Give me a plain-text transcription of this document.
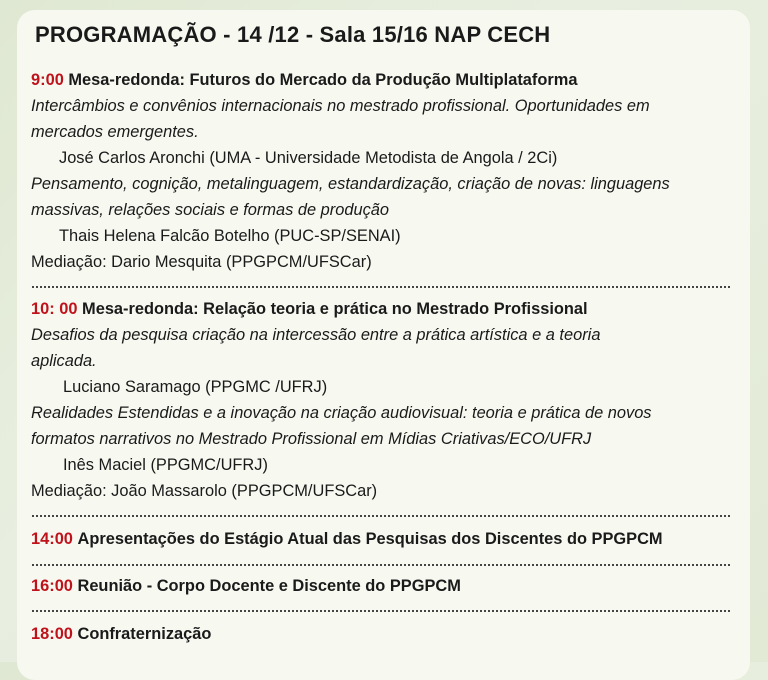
PROGRAMAÇÃO - 14 /12 - Sala 15/16 NAP CECH
9:00 Mesa-redonda: Futuros do Mercado da Produção Multiplataforma
Intercâmbios e convênios internacionais no mestrado profissional. Oportunidades em
mercados emergentes.
José Carlos Aronchi (UMA - Universidade Metodista de Angola / 2Ci)
Pensamento, cognição, metalinguagem, estandardização, criação de novas: linguagens
massivas, relações sociais e formas de produção
Thais Helena Falcão Botelho (PUC-SP/SENAI)
Mediação: Dario Mesquita (PPGPCM/UFSCar)
10: 00 Mesa-redonda: Relação teoria e prática no Mestrado Profissional
Desafios da pesquisa criação na intercessão entre a prática artística e a teoria
aplicada.
Luciano Saramago (PPGMC /UFRJ)
Realidades Estendidas e a inovação na criação audiovisual: teoria e prática de novos
formatos narrativos no Mestrado Profissional em Mídias Criativas/ECO/UFRJ
Inês Maciel (PPGMC/UFRJ)
Mediação: João Massarolo (PPGPCM/UFSCar)
14:00 Apresentações do Estágio Atual das Pesquisas dos Discentes do PPGPCM
16:00 Reunião - Corpo Docente e Discente do PPGPCM
18:00 Confraternização
